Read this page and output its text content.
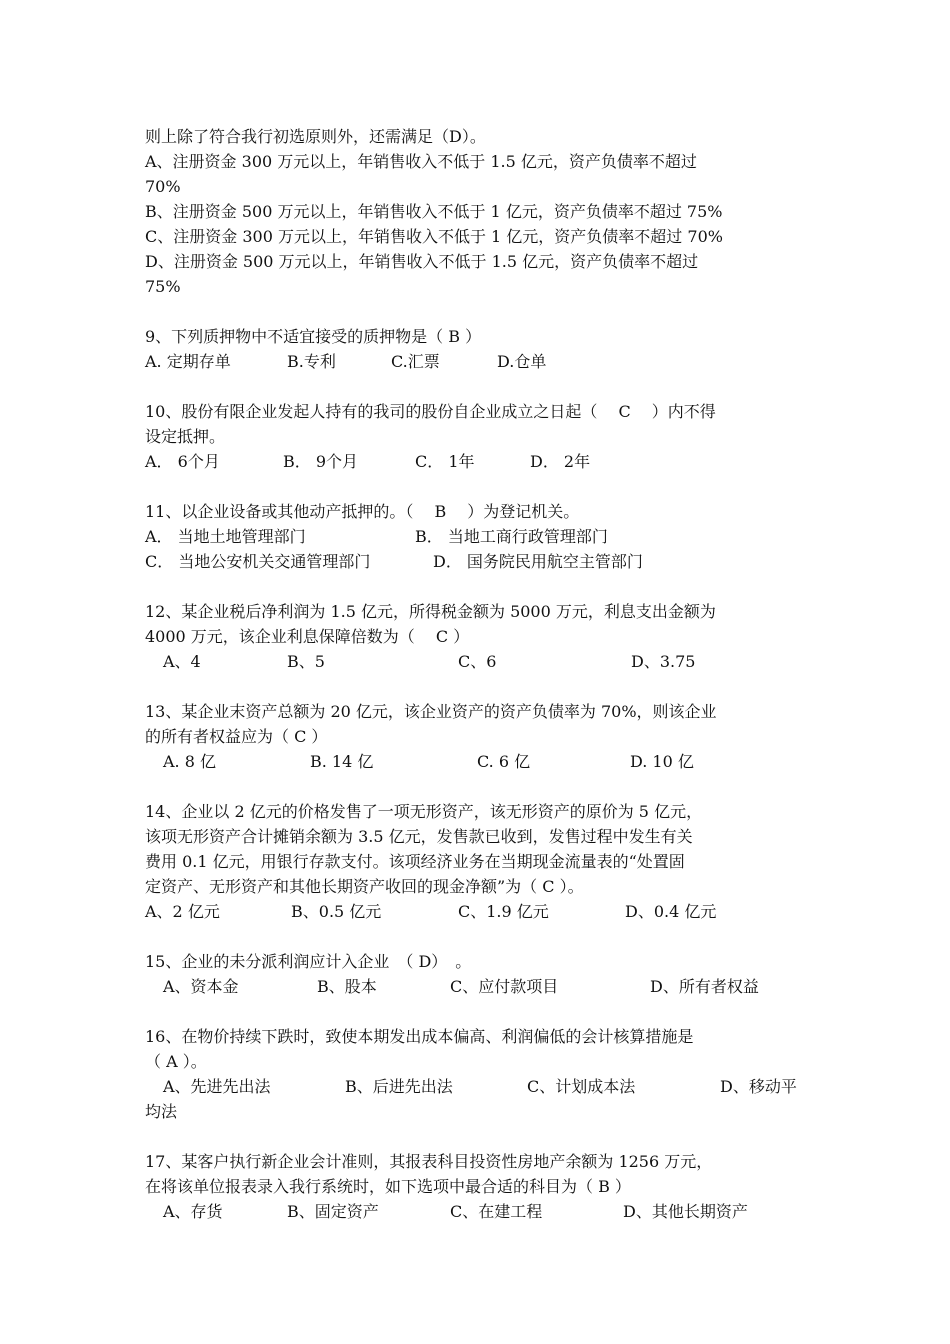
则上除了符合我行初选原则外，还需满足（D）。
A、注册资金 300 万元以上，年销售收入不低于 1.5 亿元，资产负债率不超过
70%
B、注册资金 500 万元以上，年销售收入不低于 1 亿元，资产负债率不超过 75%
C、注册资金 300 万元以上，年销售收入不低于 1 亿元，资产负债率不超过 70%
D、注册资金 500 万元以上，年销售收入不低于 1.5 亿元，资产负债率不超过
75%
9、下列质押物中不适宜接受的质押物是（ B ）
A. 定期存单	B.专利	C.汇票	D.仓单
10、股份有限企业发起人持有的我司的股份自企业成立之日起（　 C　 ）内不得
设定抵押。
A． 6个月	B． 9个月	C． 1年	D． 2年
11、以企业设备或其他动产抵押的。（　 B　 ）为登记机关。
A． 当地土地管理部门	B． 当地工商行政管理部门
C． 当地公安机关交通管理部门	D． 国务院民用航空主管部门
12、某企业税后净利润为 1.5 亿元，所得税金额为 5000 万元，利息支出金额为
4000 万元，该企业利息保障倍数为（　 C ）
A、4	B、5	C、6	D、3.75
13、某企业末资产总额为 20 亿元，该企业资产的资产负债率为 70%，则该企业
的所有者权益应为（ C ）
A. 8 亿	B. 14 亿	C. 6 亿	D. 10 亿
14、企业以 2 亿元的价格发售了一项无形资产，该无形资产的原价为 5 亿元，
该项无形资产合计摊销余额为 3.5 亿元，发售款已收到，发售过程中发生有关
费用 0.1 亿元，用银行存款支付。该项经济业务在当期现金流量表的“处置固
定资产、无形资产和其他长期资产收回的现金净额”为（ C ）。
A、2 亿元	B、0.5 亿元	C、1.9 亿元	D、0.4 亿元
15、企业的未分派利润应计入企业　（ D）　。
A、资本金	B、股本	C、应付款项目	D、所有者权益
16、在物价持续下跌时，致使本期发出成本偏高、利润偏低的会计核算措施是
（ A ）。
A、先进先出法	B、后进先出法	C、计划成本法	D、移动平
均法
17、某客户执行新企业会计准则，其报表科目投资性房地产余额为 1256 万元，
在将该单位报表录入我行系统时，如下选项中最合适的科目为（ B ）
A、存货	B、固定资产	C、在建工程	D、其他长期资产
